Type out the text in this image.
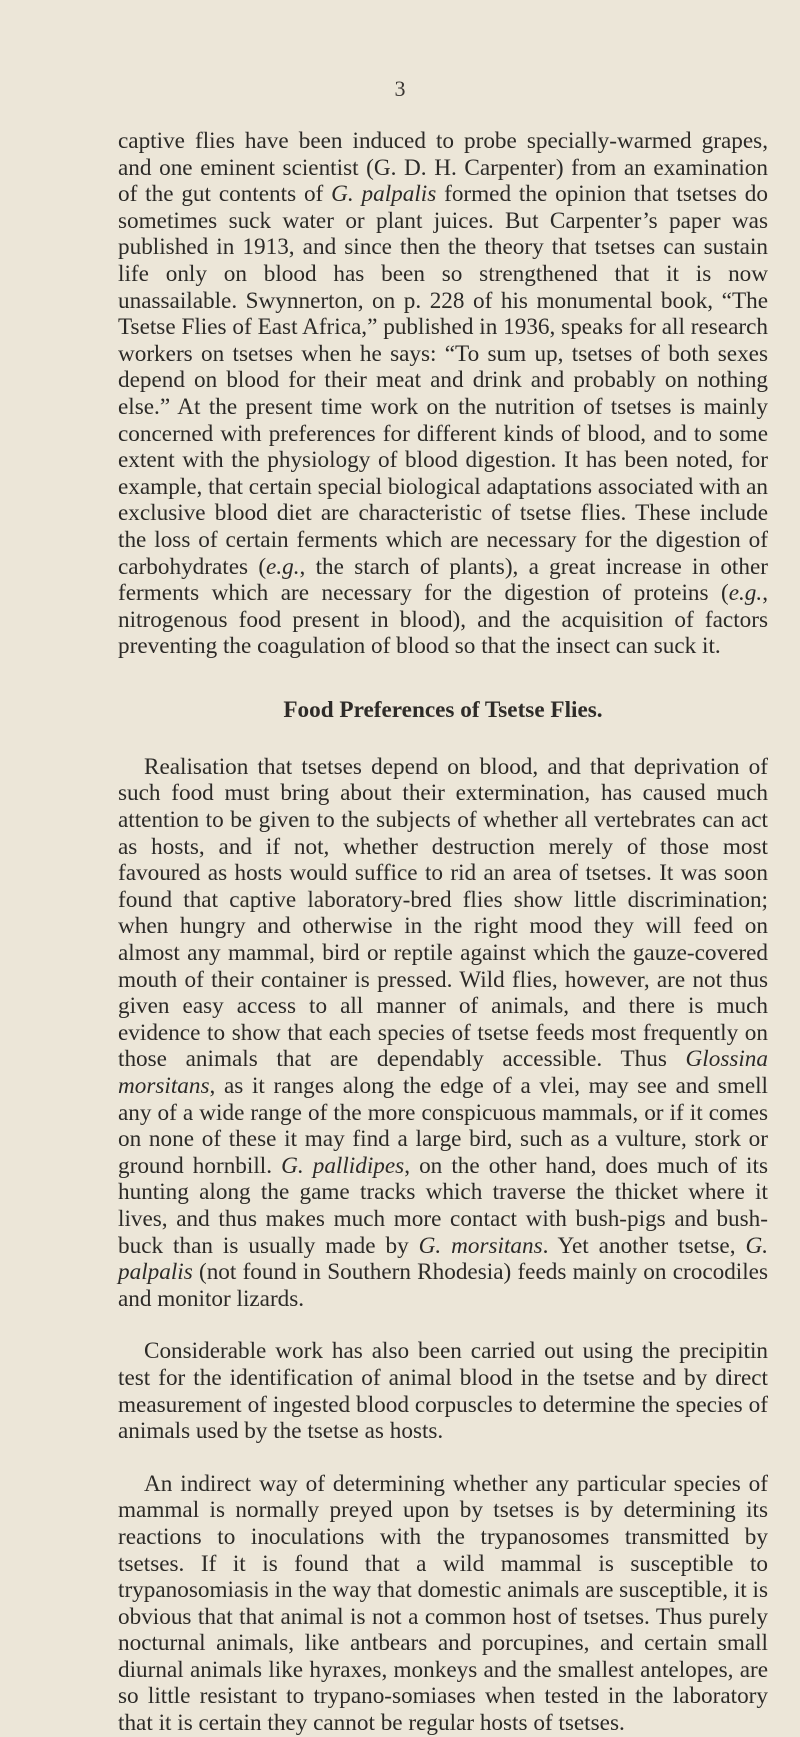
3

captive flies have been induced to probe specially-warmed grapes, and one eminent scientist (G. D. H. Carpenter) from an examination of the gut contents of G. palpalis formed the opinion that tsetses do sometimes suck water or plant juices. But Carpenter’s paper was published in 1913, and since then the theory that tsetses can sustain life only on blood has been so strengthened that it is now unassailable. Swynnerton, on p. 228 of his monumental book, “The Tsetse Flies of East Africa,” published in 1936, speaks for all research workers on tsetses when he says: “To sum up, tsetses of both sexes depend on blood for their meat and drink and probably on nothing else.” At the present time work on the nutrition of tsetses is mainly concerned with preferences for different kinds of blood, and to some extent with the physiology of blood digestion. It has been noted, for example, that certain special biological adaptations associated with an exclusive blood diet are characteristic of tsetse flies. These include the loss of certain ferments which are necessary for the digestion of carbohydrates (e.g., the starch of plants), a great increase in other ferments which are necessary for the digestion of proteins (e.g., nitrogenous food present in blood), and the acquisition of factors preventing the coagulation of blood so that the insect can suck it.

Food Preferences of Tsetse Flies.

Realisation that tsetses depend on blood, and that deprivation of such food must bring about their extermination, has caused much attention to be given to the subjects of whether all vertebrates can act as hosts, and if not, whether destruction merely of those most favoured as hosts would suffice to rid an area of tsetses. It was soon found that captive laboratory-bred flies show little discrimination; when hungry and otherwise in the right mood they will feed on almost any mammal, bird or reptile against which the gauze-covered mouth of their container is pressed. Wild flies, however, are not thus given easy access to all manner of animals, and there is much evidence to show that each species of tsetse feeds most frequently on those animals that are dependably accessible. Thus Glossina morsitans, as it ranges along the edge of a vlei, may see and smell any of a wide range of the more conspicuous mammals, or if it comes on none of these it may find a large bird, such as a vulture, stork or ground hornbill. G. pallidipes, on the other hand, does much of its hunting along the game tracks which traverse the thicket where it lives, and thus makes much more contact with bush-pigs and bush-buck than is usually made by G. morsitans. Yet another tsetse, G. palpalis (not found in Southern Rhodesia) feeds mainly on crocodiles and monitor lizards.

Considerable work has also been carried out using the precipitin test for the identification of animal blood in the tsetse and by direct measurement of ingested blood corpuscles to determine the species of animals used by the tsetse as hosts.

An indirect way of determining whether any particular species of mammal is normally preyed upon by tsetses is by determining its reactions to inoculations with the trypanosomes transmitted by tsetses. If it is found that a wild mammal is susceptible to trypanosomiasis in the way that domestic animals are susceptible, it is obvious that that animal is not a common host of tsetses. Thus purely nocturnal animals, like antbears and porcupines, and certain small diurnal animals like hyraxes, monkeys and the smallest antelopes, are so little resistant to trypano-somiases when tested in the laboratory that it is certain they cannot be regular hosts of tsetses.
